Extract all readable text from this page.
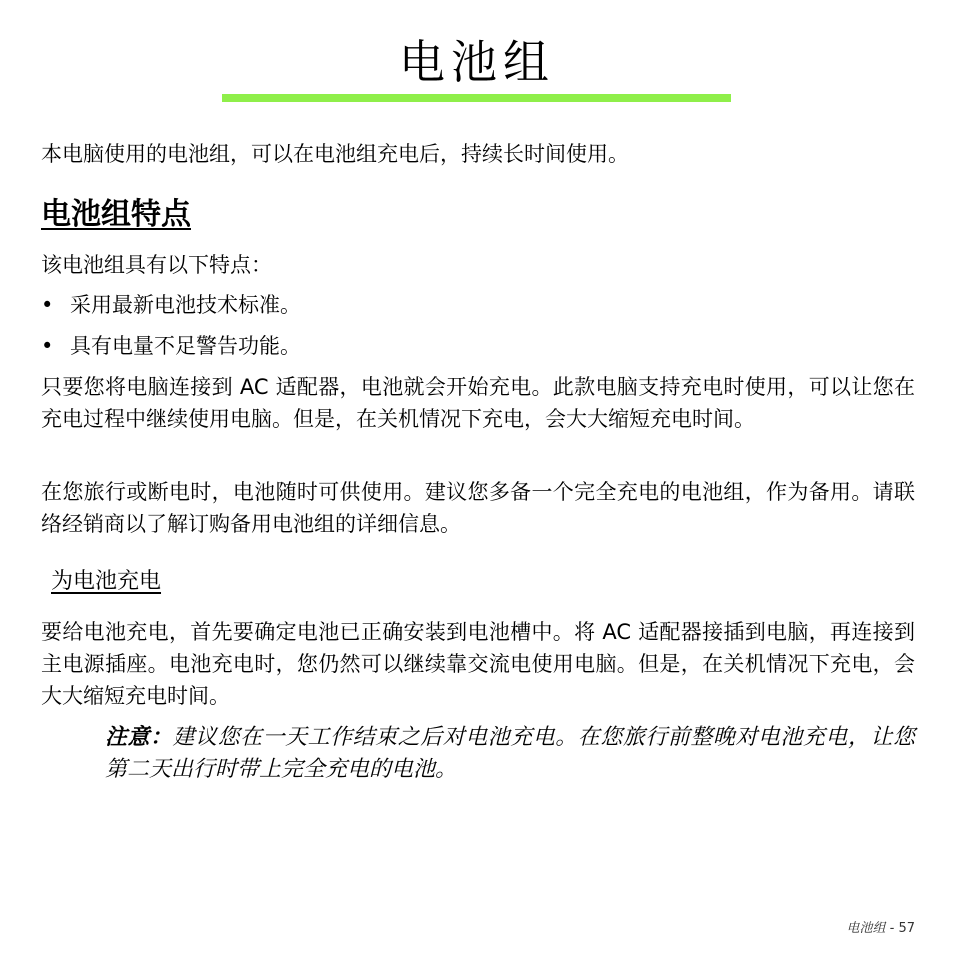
电池组

本电脑使用的电池组，可以在电池组充电后，持续长时间使用。

电池组特点

该电池组具有以下特点：

• 采用最新电池技术标准。
• 具有电量不足警告功能。

只要您将电脑连接到 AC 适配器，电池就会开始充电。此款电脑支持充电时使用，可以让您在充电过程中继续使用电脑。但是，在关机情况下充电，会大大缩短充电时间。

在您旅行或断电时，电池随时可供使用。建议您多备一个完全充电的电池组，作为备用。请联络经销商以了解订购备用电池组的详细信息。

为电池充电

要给电池充电，首先要确定电池已正确安装到电池槽中。将 AC 适配器接插到电脑，再连接到主电源插座。电池充电时，您仍然可以继续靠交流电使用电脑。但是，在关机情况下充电，会大大缩短充电时间。

注意：建议您在一天工作结束之后对电池充电。在您旅行前整晚对电池充电，让您第二天出行时带上完全充电的电池。

电池组 - 57
